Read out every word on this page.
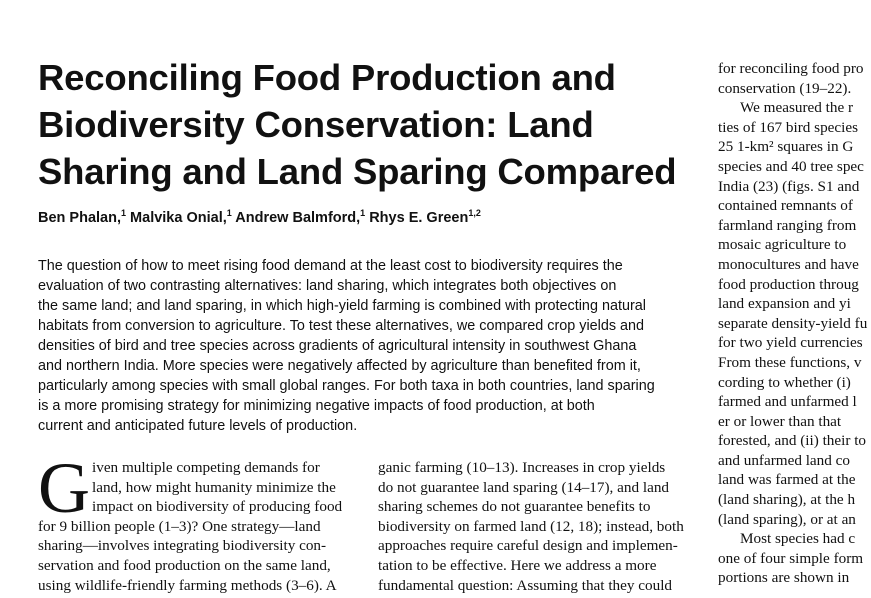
Reconciling Food Production and
Biodiversity Conservation: Land
Sharing and Land Sparing Compared
Ben Phalan,$^1$ Malvika Onial,$^1$ Andrew Balmford,$^1$ Rhys E. Green$^{1,2}$
The question of how to meet rising food demand at the least cost to biodiversity requires the
evaluation of two contrasting alternatives: land sharing, which integrates both objectives on
the same land; and land sparing, in which high-yield farming is combined with protecting natural
habitats from conversion to agriculture. To test these alternatives, we compared crop yields and
densities of bird and tree species across gradients of agricultural intensity in southwest Ghana
and northern India. More species were negatively affected by agriculture than benefited from it,
particularly among species with small global ranges. For both taxa in both countries, land sparing
is a more promising strategy for minimizing negative impacts of food production, at both
current and anticipated future levels of production.
G iven multiple competing demands for
land, how might humanity minimize the
impact on biodiversity of producing food
for 9 billion people (1–3)? One strategy—land
sharing—involves integrating biodiversity con-
servation and food production on the same land,
using wildlife-friendly farming methods (3–6). A
ganic farming (10–13). Increases in crop yields
do not guarantee land sparing (14–17), and land
sharing schemes do not guarantee benefits to
biodiversity on farmed land (12, 18); instead, both
approaches require careful design and implemen-
tation to be effective. Here we address a more
fundamental question: Assuming that they could
for reconciling food pro
conservation (19–22).
We measured the r
ties of 167 bird species
25 1-km² squares in G
species and 40 tree spec
India (23) (figs. S1 and
contained remnants of
farmland ranging from
mosaic agriculture to
monocultures and have
food production throug
land expansion and yi
separate density-yield fu
for two yield currencies
From these functions, v
cording to whether (i)
farmed and unfarmed l
er or lower than that
forested, and (ii) their to
and unfarmed land co
land was farmed at the
(land sharing), at the h
(land sparing), or at an
Most species had c
one of four simple form
portions are shown in
